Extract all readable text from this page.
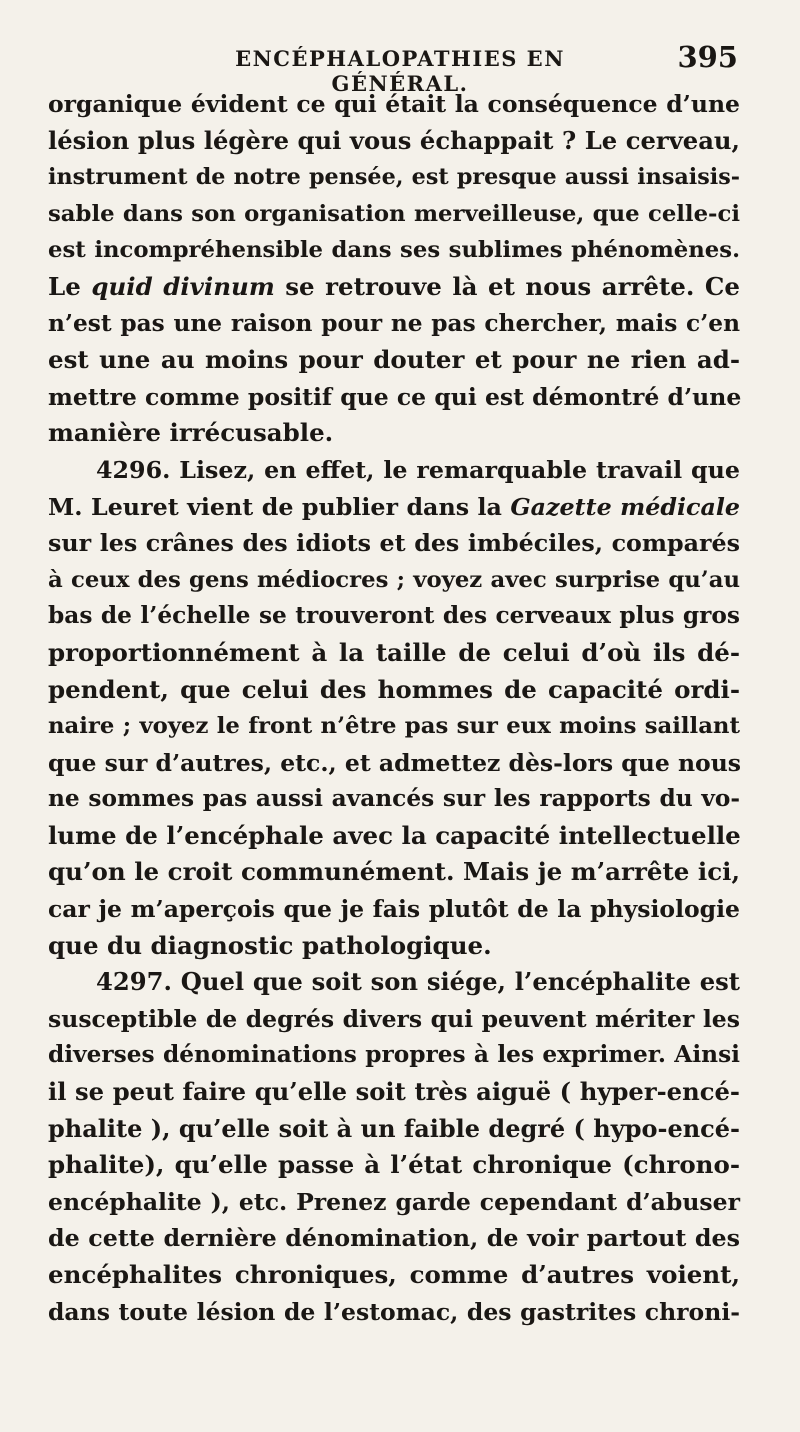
ENCÉPHALOPATHIES EN GÉNÉRAL.
395
organique évident ce qui était la conséquence d’une
lésion plus légère qui vous échappait ? Le cerveau,
instrument de notre pensée, est presque aussi insaisis-
sable dans son organisation merveilleuse, que celle-ci
est incompréhensible dans ses sublimes phénomènes.
Le quid divinum se retrouve là et nous arrête. Ce
n’est pas une raison pour ne pas chercher, mais c’en
est une au moins pour douter et pour ne rien ad-
mettre comme positif que ce qui est démontré d’une
manière irrécusable.
4296. Lisez, en effet, le remarquable travail que
M. Leuret vient de publier dans la Gazette médicale
sur les crânes des idiots et des imbéciles, comparés
à ceux des gens médiocres ; voyez avec surprise qu’au
bas de l’échelle se trouveront des cerveaux plus gros
proportionnément à la taille de celui d’où ils dé-
pendent, que celui des hommes de capacité ordi-
naire ; voyez le front n’être pas sur eux moins saillant
que sur d’autres, etc., et admettez dès-lors que nous
ne sommes pas aussi avancés sur les rapports du vo-
lume de l’encéphale avec la capacité intellectuelle
qu’on le croit communément. Mais je m’arrête ici,
car je m’aperçois que je fais plutôt de la physiologie
que du diagnostic pathologique.
4297. Quel que soit son siége, l’encéphalite est
susceptible de degrés divers qui peuvent mériter les
diverses dénominations propres à les exprimer. Ainsi
il se peut faire qu’elle soit très aiguë ( hyper-encé-
phalite ), qu’elle soit à un faible degré ( hypo-encé-
phalite), qu’elle passe à l’état chronique (chrono-
encéphalite ), etc. Prenez garde cependant d’abuser
de cette dernière dénomination, de voir partout des
encéphalites chroniques, comme d’autres voient,
dans toute lésion de l’estomac, des gastrites chroni-
